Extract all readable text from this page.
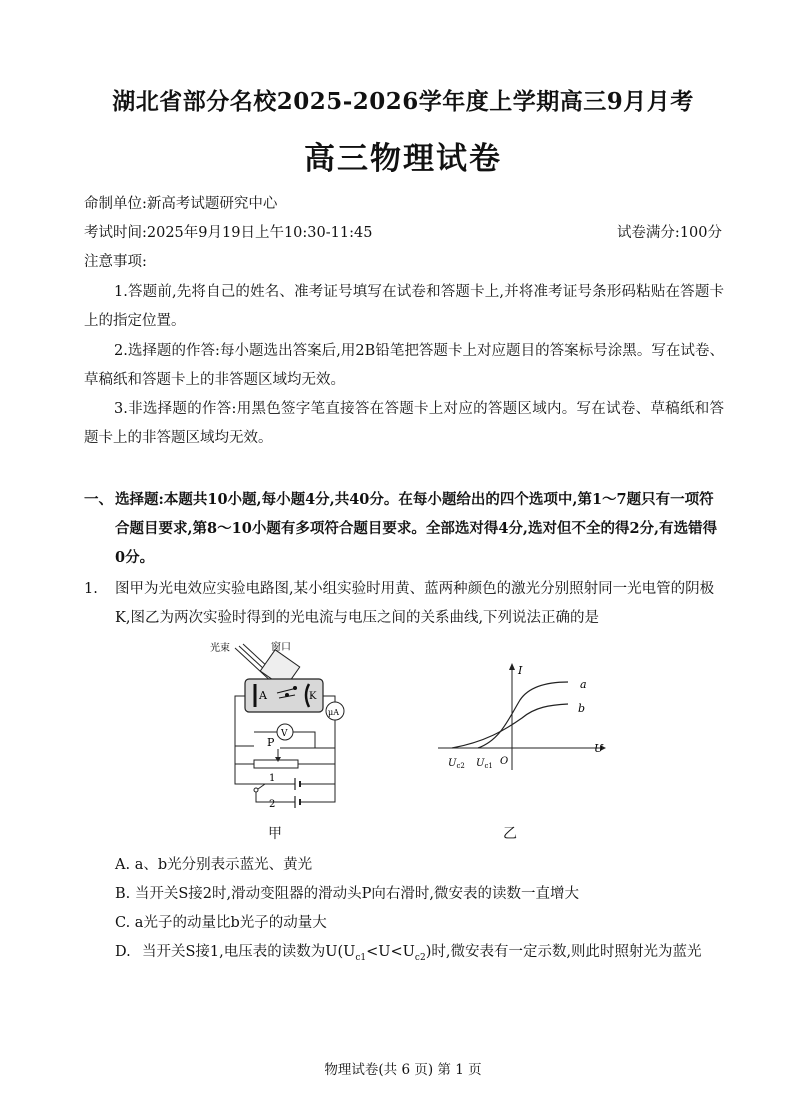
湖北省部分名校2025-2026学年度上学期高三9月月考
高三物理试卷
命制单位:新高考试题研究中心
考试时间:2025年9月19日上午10:30-11:45	试卷满分:100分
注意事项:
1.答题前,先将自己的姓名、准考证号填写在试卷和答题卡上,并将准考证号条形码粘贴在答题卡上的指定位置。
2.选择题的作答:每小题选出答案后,用2B铅笔把答题卡上对应题目的答案标号涂黑。写在试卷、草稿纸和答题卡上的非答题区域均无效。
3.非选择题的作答:用黑色签字笔直接答在答题卡上对应的答题区域内。写在试卷、草稿纸和答题卡上的非答题区域均无效。
一、 选择题:本题共10小题,每小题4分,共40分。在每小题给出的四个选项中,第1～7题只有一项符合题目要求,第8～10小题有多项符合题目要求。全部选对得4分,选对但不全的得2分,有选错得0分。
1. 图甲为光电效应实验电路图,某小组实验时用黄、蓝两种颜色的激光分别照射同一光电管的阴极K,图乙为两次实验时得到的光电流与电压之间的关系曲线,下列说法正确的是
光束	窗口
A	K
μA
V
P
1
2
甲
I
U
O
a
b
$U_{c2}$ $U_{c1}$
乙
A. a、b光分别表示蓝光、黄光
B. 当开关S接2时,滑动变阻器的滑动头P向右滑时,微安表的读数一直增大
C. a光子的动量比b光子的动量大
D. 当开关S接1,电压表的读数为$U(U_{c1}<U<U_{c2})$时,微安表有一定示数,则此时照射光为蓝光
物理试卷(共 6 页) 第 1 页
